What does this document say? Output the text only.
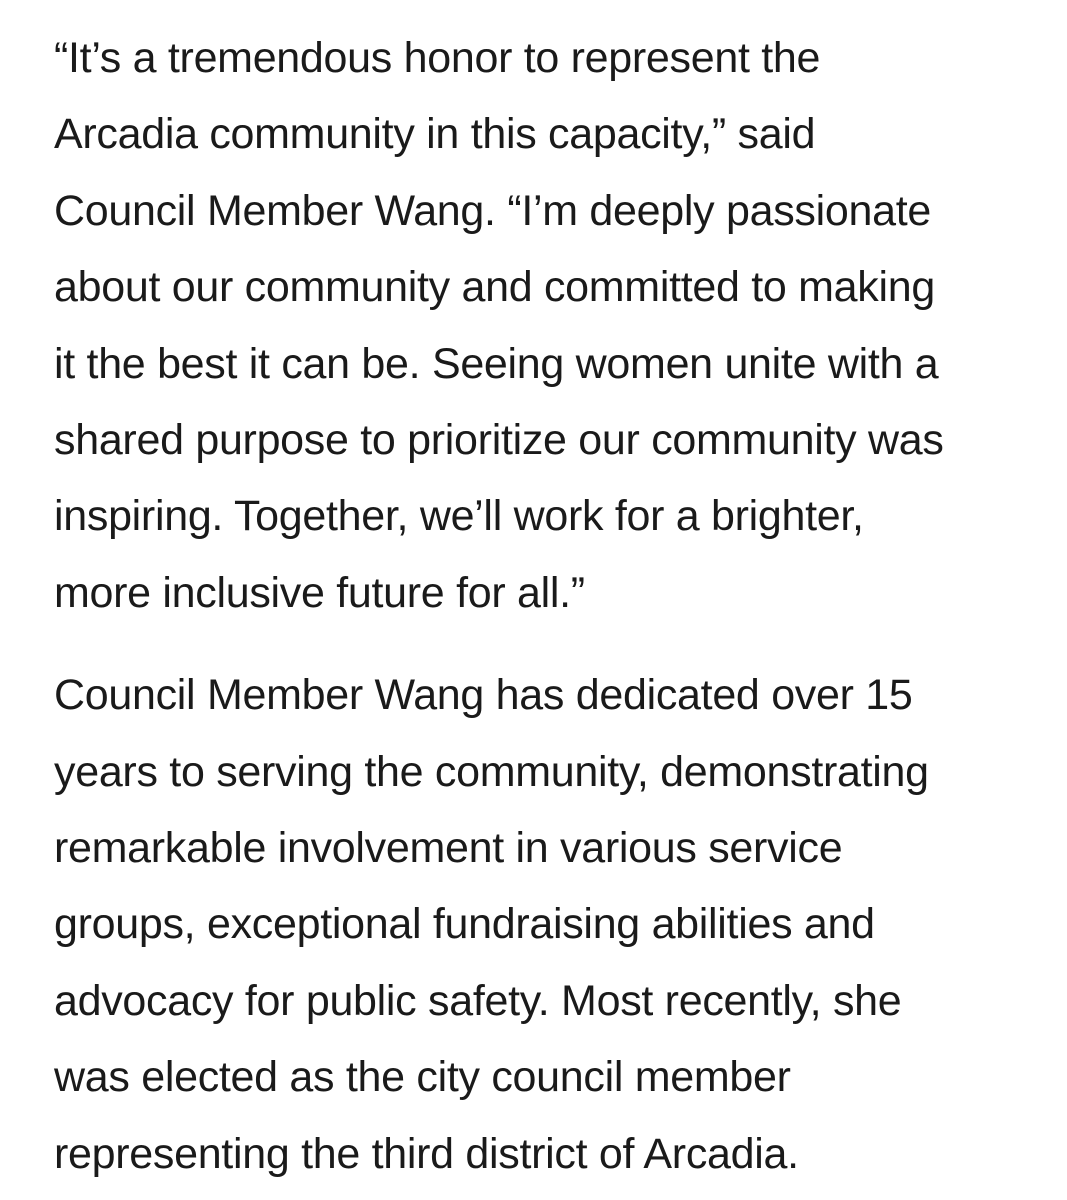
“It’s a tremendous honor to represent the
Arcadia community in this capacity,” said
Council Member Wang. “I’m deeply passionate
about our community and committed to making
it the best it can be. Seeing women unite with a
shared purpose to prioritize our community was
inspiring. Together, we’ll work for a brighter,
more inclusive future for all.”

Council Member Wang has dedicated over 15
years to serving the community, demonstrating
remarkable involvement in various service
groups, exceptional fundraising abilities and
advocacy for public safety. Most recently, she
was elected as the city council member
representing the third district of Arcadia.
